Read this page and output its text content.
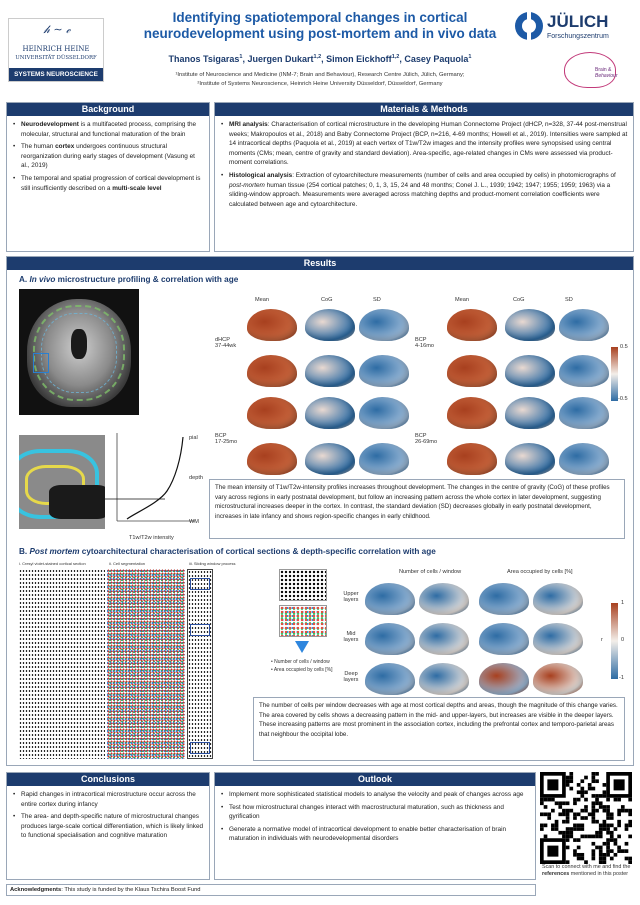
𝒽 ∼ ℯ
HEINRICH HEINE
UNIVERSITÄT DÜSSELDORF
SYSTEMS NEUROSCIENCE
Identifying spatiotemporal changes in cortical
neurodevelopment using post-mortem and in vivo data
Thanos Tsigaras$^1$, Juergen Dukart$^{1,2}$, Simon Eickhoff$^{1,2}$, Casey Paquola$^1$
¹Institute of Neuroscience and Medicine (INM-7; Brain and Behaviour), Research Centre Jülich, Jülich, Germany;
²Institute of Systems Neuroscience, Heinrich Heine University Düsseldorf, Düsseldorf, Germany
JÜLICH
Forschungszentrum
Brain &
Behaviour
Background
• Neurodevelopment is a multifaceted process, comprising the molecular, structural and functional maturation of the brain
• The human cortex undergoes continuous structural reorganization during early stages of development (Vasung et al., 2019)
• The temporal and spatial progression of cortical development is still insufficiently described on a multi-scale level
Materials & Methods
• MRI analysis: Characterisation of cortical microstructure in the developing Human Connectome Project (dHCP, n=328, 37-44 post-menstrual weeks; Makropoulos et al., 2018) and Baby Connectome Project (BCP, n=216, 4-69 months; Howell et al., 2019). Intensities were sampled at 14 intracortical depths (Paquola et al., 2019) at each vertex of T1w/T2w images and the intensity profiles were synopsised using central moments (CMs; mean, centre of gravity and standard deviation). Area-specific, age-related changes in CMs were assessed via product-moment correlations.
• Histological analysis: Extraction of cytoarchitecture measurements (number of cells and area occupied by cells) in photomicrographs of post-mortem human tissue (254 cortical patches; 0, 1, 3, 15, 24 and 48 months; Conel J. L., 1939; 1942; 1947; 1955; 1959; 1963) via a sliding-window approach. Measurements were averaged across matching depths and product-moment correlation coefficients were calculated between age and cytoarchitecture.
Results
A. In vivo microstructure profiling & correlation with age
pial
depth
WM
T1w/T2w intensity
Mean	CoG	SD	Mean	CoG	SD
dHCP
37-44wk
BCP
4-16mo
BCP
17-25mo
BCP
26-69mo
0.5
-0.5
The mean intensity of T1w/T2w-intensity profiles increases throughout development. The changes in the centre of gravity (CoG) of these profiles vary across regions in early postnatal development, but follow an increasing pattern across the whole cortex in later development, suggesting microstructural increases deeper in the cortex. In contrast, the standard deviation (SD) decreases globally in early postnatal development, increases in late infancy and shows region-specific changes in early childhood.
B. Post mortem cytoarchitectural characterisation of cortical sections & depth-specific correlation with age
i. Cresyl violet-stained cortical section	ii. Cell segmentation	iii. Sliding window process
• Number of cells / window
• Area occupied by cells [%]
Number of cells / window	Area occupied by cells [%]
Upper layers
Mid layers
Deep layers
1
r	0
-1
The number of cells per window decreases with age at most cortical depths and areas, though the magnitude of this change varies. The area covered by cells shows a decreasing pattern in the mid- and upper-layers, but increases are visible in the deeper layers. These increasing patterns are most prominent in the association cortex, including the prefrontal cortex and temporo-parietal areas that neighbour the occipital lobe.
Conclusions
• Rapid changes in intracortical microstructure occur across the entire cortex during infancy
• The area- and depth-specific nature of microstructural changes produces large-scale cortical differentiation, which is likely linked to functional specialisation and cognitive maturation
Outlook
• Implement more sophisticated statistical models to analyse the velocity and peak of changes across age
• Test how microstructural changes interact with macrostructural maturation, such as thickness and gyrification
• Generate a normative model of intracortical development to enable better characterisation of brain maturation in individuals with neurodevelopmental disorders
Scan to connect with me and find the references mentioned in this poster
Acknowledgments: This study is funded by the Klaus Tschira Boost Fund
